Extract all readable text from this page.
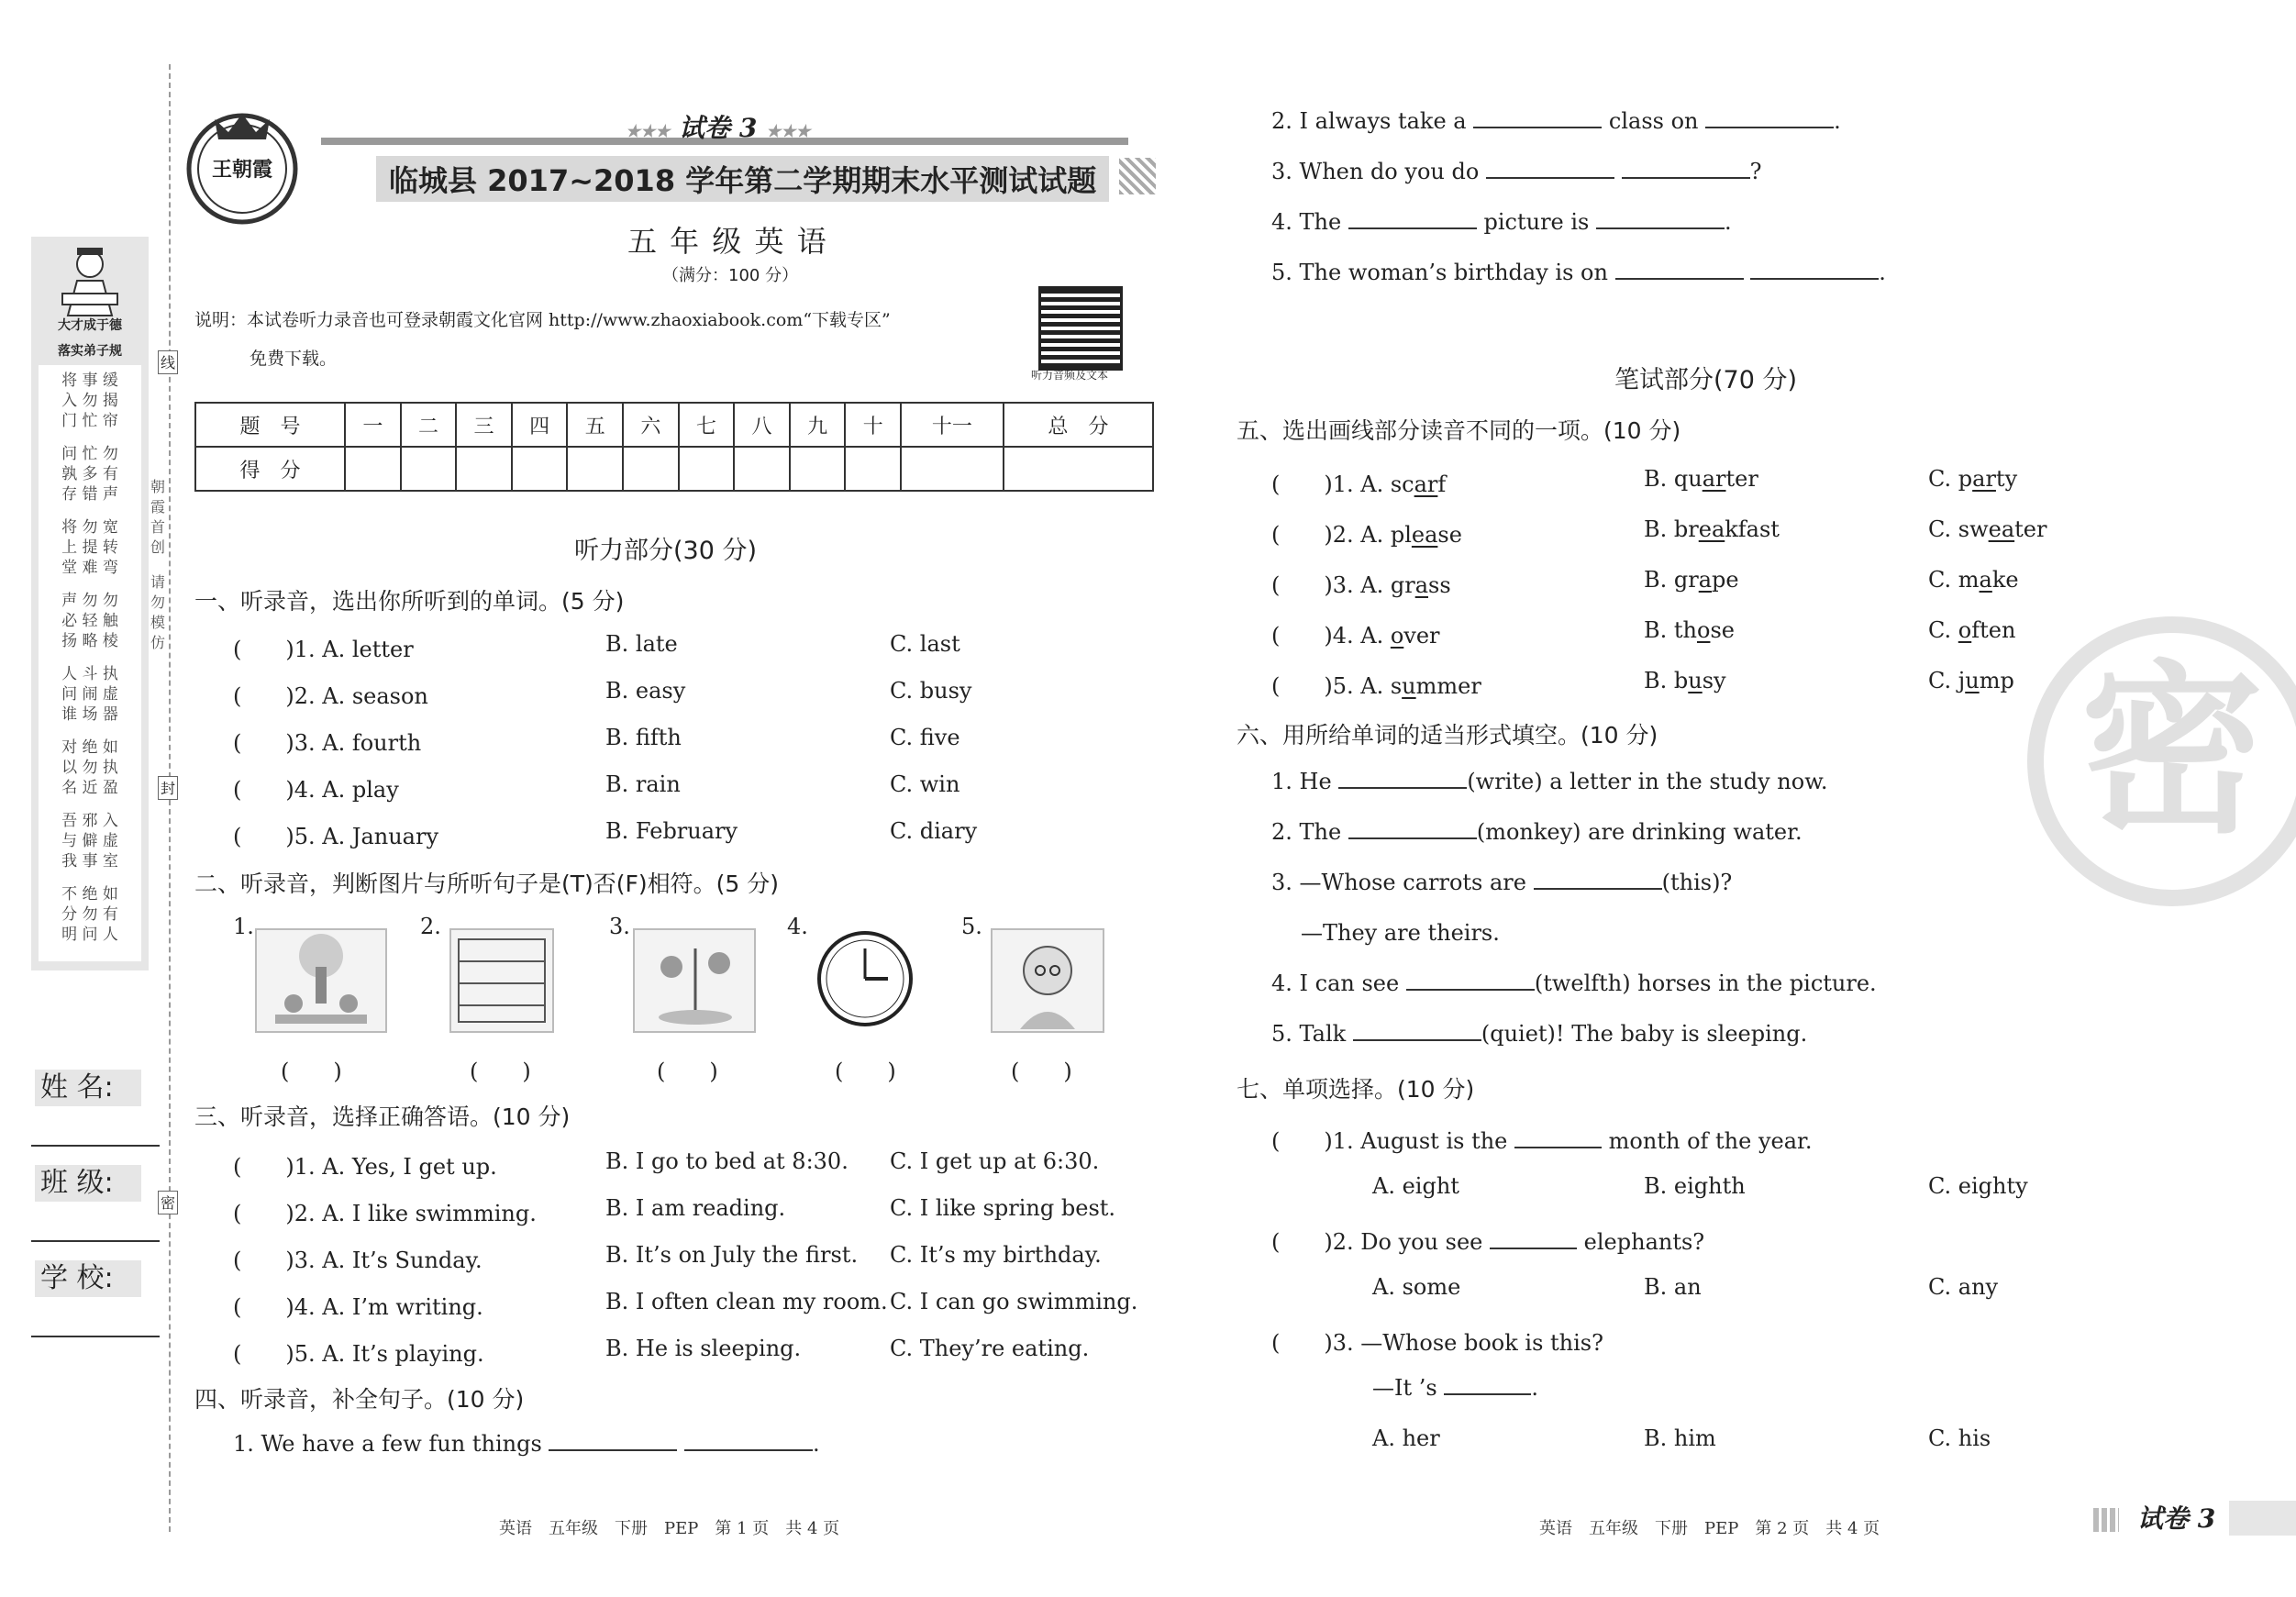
大才成于德
落实弟子规
将 事 缓
入 勿 揭
门 忙 帘
问 忙 勿
孰 多 有
存 错 声
将 勿 宽
上 提 转
堂 难 弯
声 勿 勿
必 轻 触
扬 略 棱
人 斗 执
问 闹 虚
谁 场 器
对 绝 如
以 勿 执
名 近 盈
吾 邪 入
与 僻 虚
我 事 室
不 绝 如
分 勿 有
明 问 人
朝霞首创
请勿模仿
线
封
密
姓 名:
班 级:
学 校:
王朝霞
★★★ 试卷 3 ★★★
临城县 2017~2018 学年第二学期期末水平测试试题
五 年 级 英 语
（满分：100 分）
说明：本试卷听力录音也可登录朝霞文化官网 http://www.zhaoxiabook.com“下载专区”
免费下载。
听力音频及文本
题　号	一	二	三	四	五	六	七	八	九	十	十一	总　分
得　分												
听力部分(30 分)
一、听录音，选出你所听到的单词。(5 分)
(　　)1. A. letter	B. late	C. last
(　　)2. A. season	B. easy	C. busy
(　　)3. A. fourth	B. fifth	C. five
(　　)4. A. play	B. rain	C. win
(　　)5. A. January	B. February	C. diary
二、听录音，判断图片与所听句子是(T)否(F)相符。(5 分)
1.	2.	3.	4.	5.
(　　)	(　　)	(　　)	(　　)	(　　)
三、听录音，选择正确答语。(10 分)
(　　)1. A. Yes, I get up.	B. I go to bed at 8:30. C. I get up at 6:30.
(　　)2. A. I like swimming.	B. I am reading.	C. I like spring best.
(　　)3. A. It’s Sunday.	B. It’s on July the first. C. It’s my birthday.
(　　)4. A. I’m writing.	B. I often clean my room. C. I can go swimming.
(　　)5. A. It’s playing.	B. He is sleeping.	C. They’re eating.
四、听录音，补全句子。(10 分)
1. We have a few fun things	.
2. I always take a	class on	.
3. When do you do	?
4. The	picture is	.
5. The woman’s birthday is on	.
笔试部分(70 分)
五、选出画线部分读音不同的一项。(10 分)
(　　)1. A. scarf	B. quarter	C. party
(　　)2. A. please	B. breakfast	C. sweater
(　　)3. A. grass	B. grape	C. make
(　　)4. A. over	B. those	C. often
(　　)5. A. summer	B. busy	C. jump
六、用所给单词的适当形式填空。(10 分)
1. He	(write) a letter in the study now.
2. The	(monkey) are drinking water.
3. —Whose carrots are	(this)?
—They are theirs.
4. I can see	(twelfth) horses in the picture.
5. Talk	(quiet)! The baby is sleeping.
七、单项选择。(10 分)
(　　)1. August is the	month of the year.
A. eight	B. eighth	C. eighty
(　　)2. Do you see	elephants?
A. some	B. an	C. any
(　　)3. —Whose book is this?
—It ’s	.
A. her	B. him	C. his
密
英语　五年级　下册　PEP　第 1 页　共 4 页	英语　五年级　下册　PEP　第 2 页　共 4 页	试卷 3
